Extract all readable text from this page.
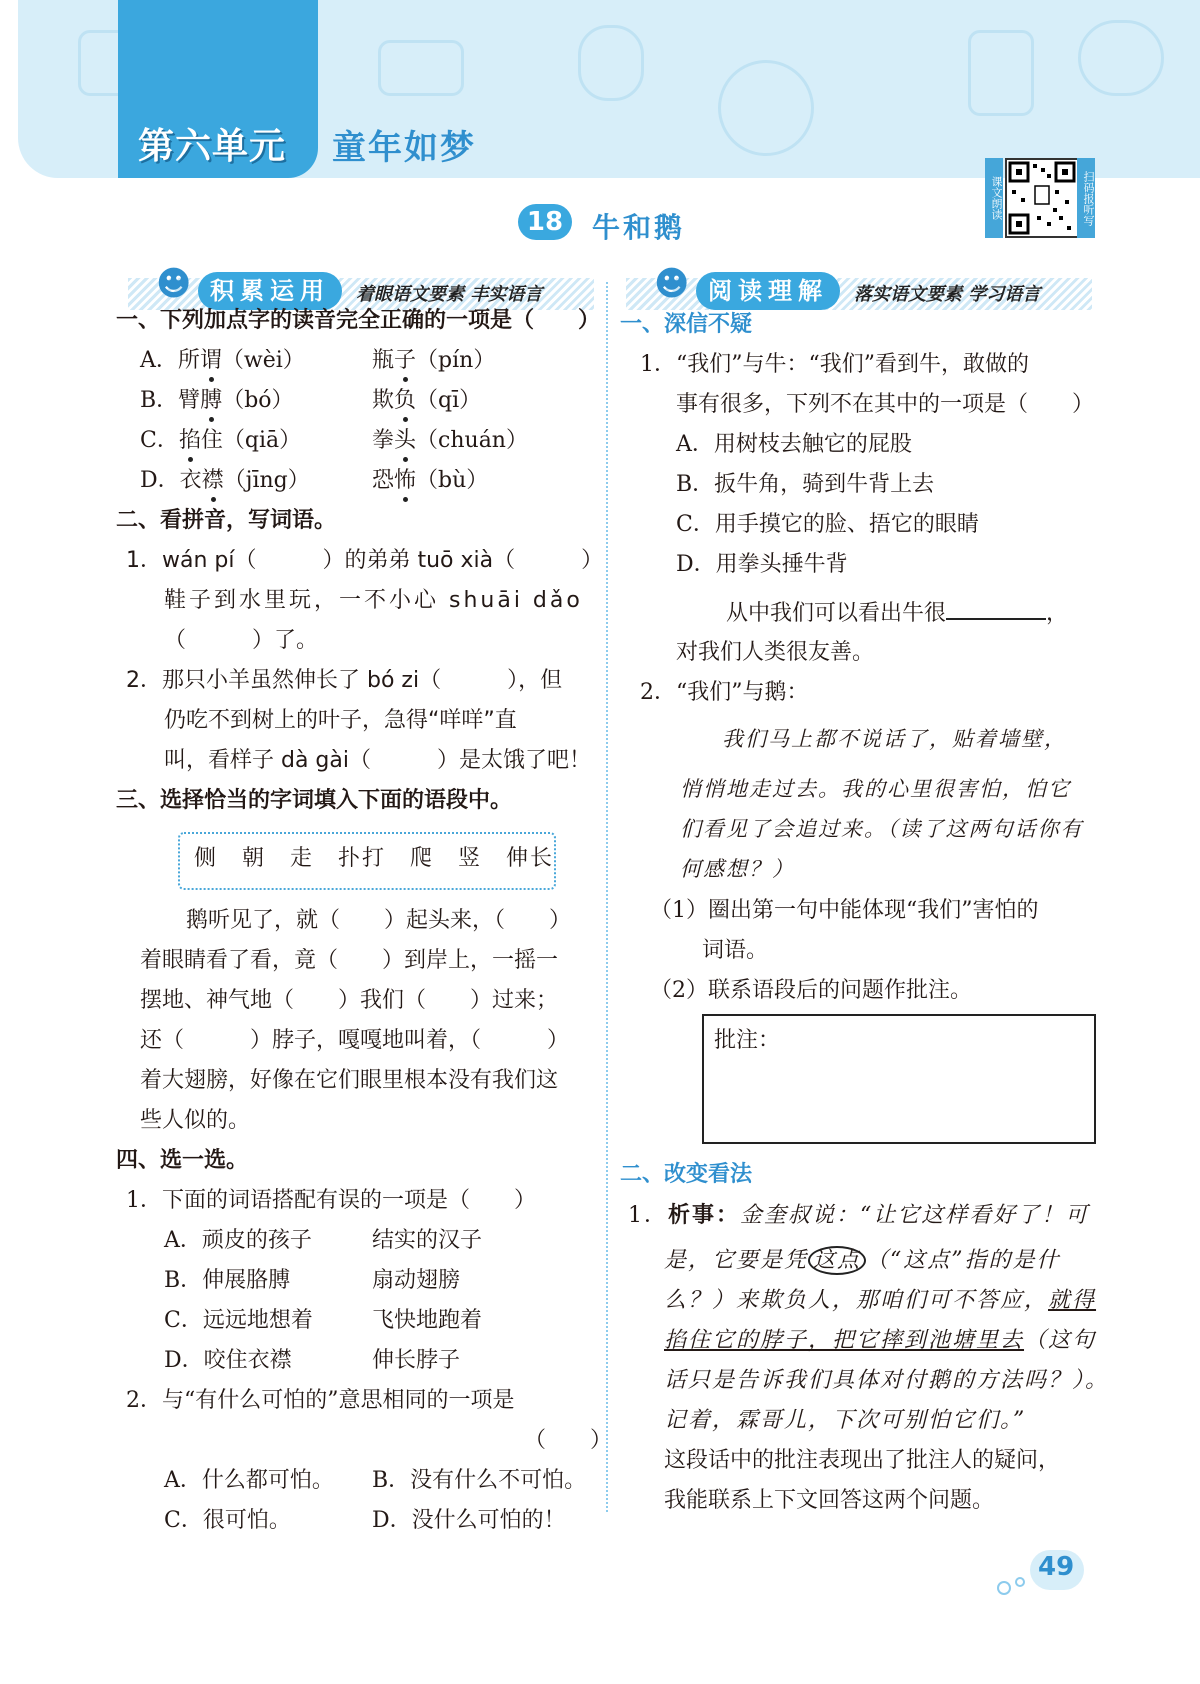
第六单元 童年如梦
课文朗读	扫码报听写
18	牛和鹅
☻ 积累运用	着眼语文要素 丰实语言	☻ 阅读理解	落实语文要素 学习语言
一、下列加点字的读音完全正确的一项是（　　）
A．所谓（wèi）	瓶子（pín）
B．臂膊（bó）	欺负（qī）
C．掐住（qiā）	拳头（chuán）
D．衣襟（jīng）	恐怖（bù）
二、看拼音，写词语。
1．wán pí（　　　）的弟弟 tuō xià（　　　）
鞋子到水里玩，一不小心 shuāi dǎo
（　　　）了。
2．那只小羊虽然伸长了 bó zi（　　　），但
仍吃不到树上的叶子，急得“咩咩”直
叫，看样子 dà gài（　　　）是太饿了吧！
三、选择恰当的字词填入下面的语段中。
侧　朝　走　扑打　爬　竖　伸长
鹅听见了，就（　　）起头来，（　　）
着眼睛看了看，竟（　　）到岸上，一摇一
摆地、神气地（　　）我们（　　）过来；
还（　　　）脖子，嘎嘎地叫着，（　　　）
着大翅膀，好像在它们眼里根本没有我们这
些人似的。
四、选一选。
1．下面的词语搭配有误的一项是（　　）
A．顽皮的孩子	结实的汉子
B．伸展胳膊	扇动翅膀
C．远远地想着	飞快地跑着
D．咬住衣襟	伸长脖子
2．与“有什么可怕的”意思相同的一项是
（　　）
A．什么都可怕。 B．没有什么不可怕。
C．很可怕。	D．没什么可怕的！
一、深信不疑
1．“我们”与牛：“我们”看到牛，敢做的
事有很多，下列不在其中的一项是（　　）
A．用树枝去触它的屁股
B．扳牛角，骑到牛背上去
C．用手摸它的脸、捂它的眼睛
D．用拳头捶牛背
从中我们可以看出牛很	，
对我们人类很友善。
2．“我们”与鹅：
我们马上都不说话了，贴着墙壁，
悄悄地走过去。我的心里很害怕，怕它
们看见了会追过来。（读了这两句话你有
何感想？）
（1）圈出第一句中能体现“我们”害怕的
词语。
（2）联系语段后的问题作批注。
批注：
二、改变看法
1．析事：金奎叔说：“让它这样看好了！可
是，它要是凭 这点 （“这点”指的是什
么？）来欺负人，那咱们可不答应，就得
掐住它的脖子，把它摔到池塘里去（这句
话只是告诉我们具体对付鹅的方法吗？）。
记着，霖哥儿，下次可别怕它们。”
这段话中的批注表现出了批注人的疑问，
我能联系上下文回答这两个问题。
49
